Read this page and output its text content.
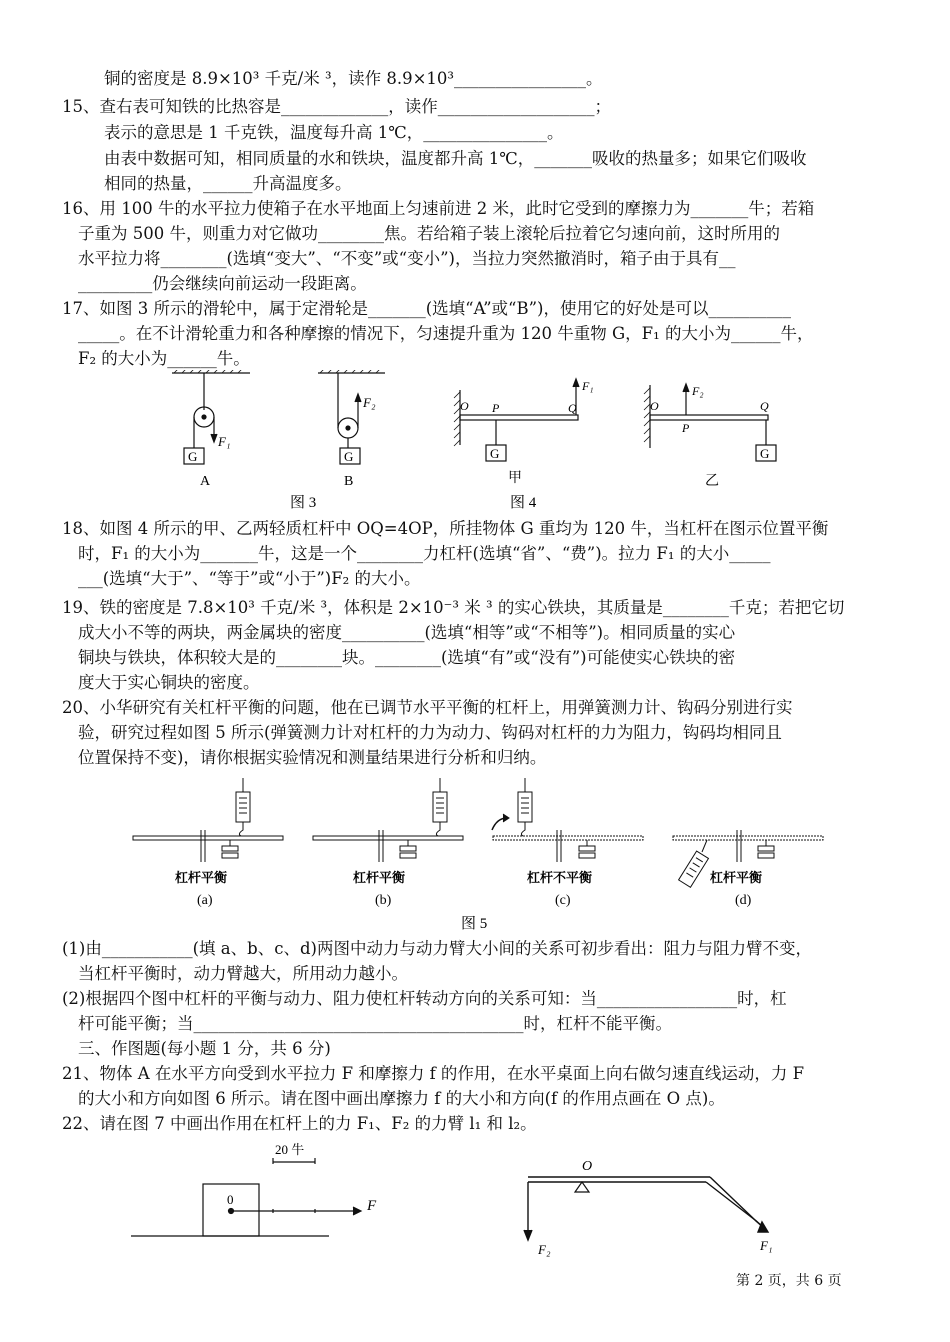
铜的密度是 8.9×10³ 千克/米 ³，读作 8.9×10³________________。
15、查右表可知铁的比热容是_____________，读作___________________；
表示的意思是 1 千克铁，温度每升高 1℃，_______________。
由表中数据可知，相同质量的水和铁块，温度都升高 1℃，_______吸收的热量多；如果它们吸收
相同的热量，______升高温度多。
16、用 100 牛的水平拉力使箱子在水平地面上匀速前进 2 米，此时它受到的摩擦力为_______牛；若箱
子重为 500 牛，则重力对它做功________焦。若给箱子装上滚轮后拉着它匀速向前，这时所用的
水平拉力将________(选填“变大”、“不变”或“变小”)，当拉力突然撤消时，箱子由于具有__
_________仍会继续向前运动一段距离。
17、如图 3 所示的滑轮中，属于定滑轮是_______(选填“A”或“B”)，使用它的好处是可以__________
_____。在不计滑轮重力和各种摩擦的情况下，匀速提升重为 120 牛重物 G，F₁ 的大小为______牛，
F₂ 的大小为______牛。
F₁
G
A
F₂
G
B
图 3
O P	Q
F₁
G
甲
图 4
O
P
Q
F₂
G
乙
18、如图 4 所示的甲、乙两轻质杠杆中 OQ=4OP，所挂物体 G 重均为 120 牛，当杠杆在图示位置平衡
时，F₁ 的大小为_______牛，这是一个________力杠杆(选填“省”、“费”)。拉力 F₁ 的大小_____
___(选填“大于”、“等于”或“小于”)F₂ 的大小。
19、铁的密度是 7.8×10³ 千克/米 ³，体积是 2×10⁻³ 米 ³ 的实心铁块，其质量是________千克；若把它切
成大小不等的两块，两金属块的密度__________(选填“相等”或“不相等”)。相同质量的实心
铜块与铁块，体积较大是的________块。________(选填“有”或“没有”)可能使实心铁块的密
度大于实心铜块的密度。
20、小华研究有关杠杆平衡的问题，他在已调节水平平衡的杠杆上，用弹簧测力计、钩码分别进行实
验，研究过程如图 5 所示(弹簧测力计对杠杆的力为动力、钩码对杠杆的力为阻力，钩码均相同且
位置保持不变)，请你根据实验情况和测量结果进行分析和归纳。
杠杆平衡
(a)
杠杆平衡
(b)
杠杆不平衡
(c)
杠杆平衡
(d)
图 5
(1)由___________(填 a、b、c、d)两图中动力与动力臂大小间的关系可初步看出：阻力与阻力臂不变，
当杠杆平衡时，动力臂越大，所用动力越小。
(2)根据四个图中杠杆的平衡与动力、阻力使杠杆转动方向的关系可知：当_________________时，杠
杆可能平衡；当________________________________________时，杠杆不能平衡。
三、作图题(每小题 1 分，共 6 分)
21、物体 A 在水平方向受到水平拉力 F 和摩擦力 f 的作用，在水平桌面上向右做匀速直线运动，力 F
的大小和方向如图 6 所示。请在图中画出摩擦力 f 的大小和方向(f 的作用点画在 O 点)。
22、请在图 7 中画出作用在杠杆上的力 F₁、F₂ 的力臂 l₁ 和 l₂。
20 牛
0	F
O
F₁
F₂
第 2 页，共 6 页
